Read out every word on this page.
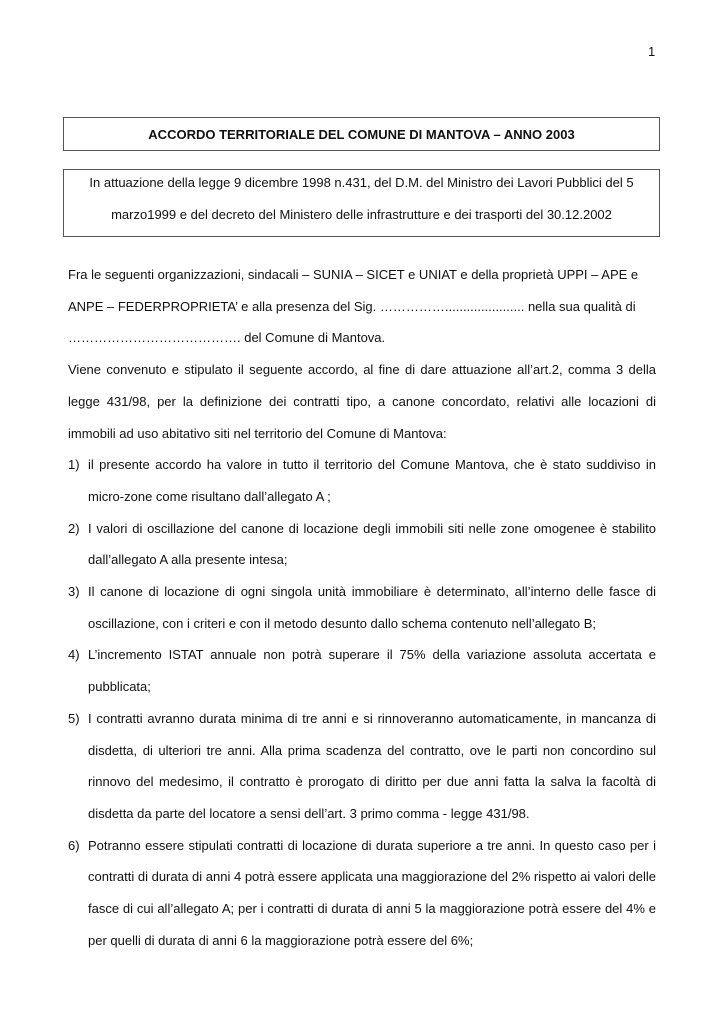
1
ACCORDO TERRITORIALE DEL COMUNE DI MANTOVA – ANNO 2003
In attuazione della legge 9 dicembre 1998 n.431, del D.M. del Ministro dei Lavori Pubblici del 5
marzo1999 e del decreto del Ministero delle infrastrutture e dei trasporti del 30.12.2002

Fra le seguenti organizzazioni, sindacali – SUNIA – SICET e UNIAT e della proprietà UPPI – APE e

ANPE – FEDERPROPRIETA’ e alla presenza del Sig. ……………...................... nella sua qualità di

…………………………………. del Comune di Mantova.

Viene convenuto e stipulato il seguente accordo, al fine di dare attuazione all’art.2, comma 3 della legge 431/98, per la definizione dei contratti tipo, a canone concordato, relativi alle locazioni di immobili ad uso abitativo siti nel territorio del Comune di Mantova:

1) il presente accordo ha valore in tutto il territorio del Comune Mantova, che è stato suddiviso in micro-zone come risultano dall’allegato A ;
2) I valori di oscillazione del canone di locazione degli immobili siti nelle zone omogenee è stabilito dall’allegato A alla presente intesa;
3) Il canone di locazione di ogni singola unità immobiliare è determinato, all’interno delle fasce di oscillazione, con i criteri e con il metodo desunto dallo schema contenuto nell’allegato B;
4) L’incremento ISTAT annuale non potrà superare il 75% della variazione assoluta accertata e pubblicata;
5) I contratti avranno durata minima di tre anni e si rinnoveranno automaticamente, in mancanza di disdetta, di ulteriori tre anni. Alla prima scadenza del contratto, ove le parti non concordino sul rinnovo del medesimo, il contratto è prorogato di diritto per due anni fatta la salva la facoltà di disdetta da parte del locatore a sensi dell’art. 3 primo comma - legge 431/98.
6) Potranno essere stipulati contratti di locazione di durata superiore a tre anni. In questo caso per i contratti di durata di anni 4 potrà essere applicata una maggiorazione del 2% rispetto ai valori delle fasce di cui all’allegato A; per i contratti di durata di anni 5 la maggiorazione potrà essere del 4% e per quelli di durata di anni 6 la maggiorazione potrà essere del 6%;
